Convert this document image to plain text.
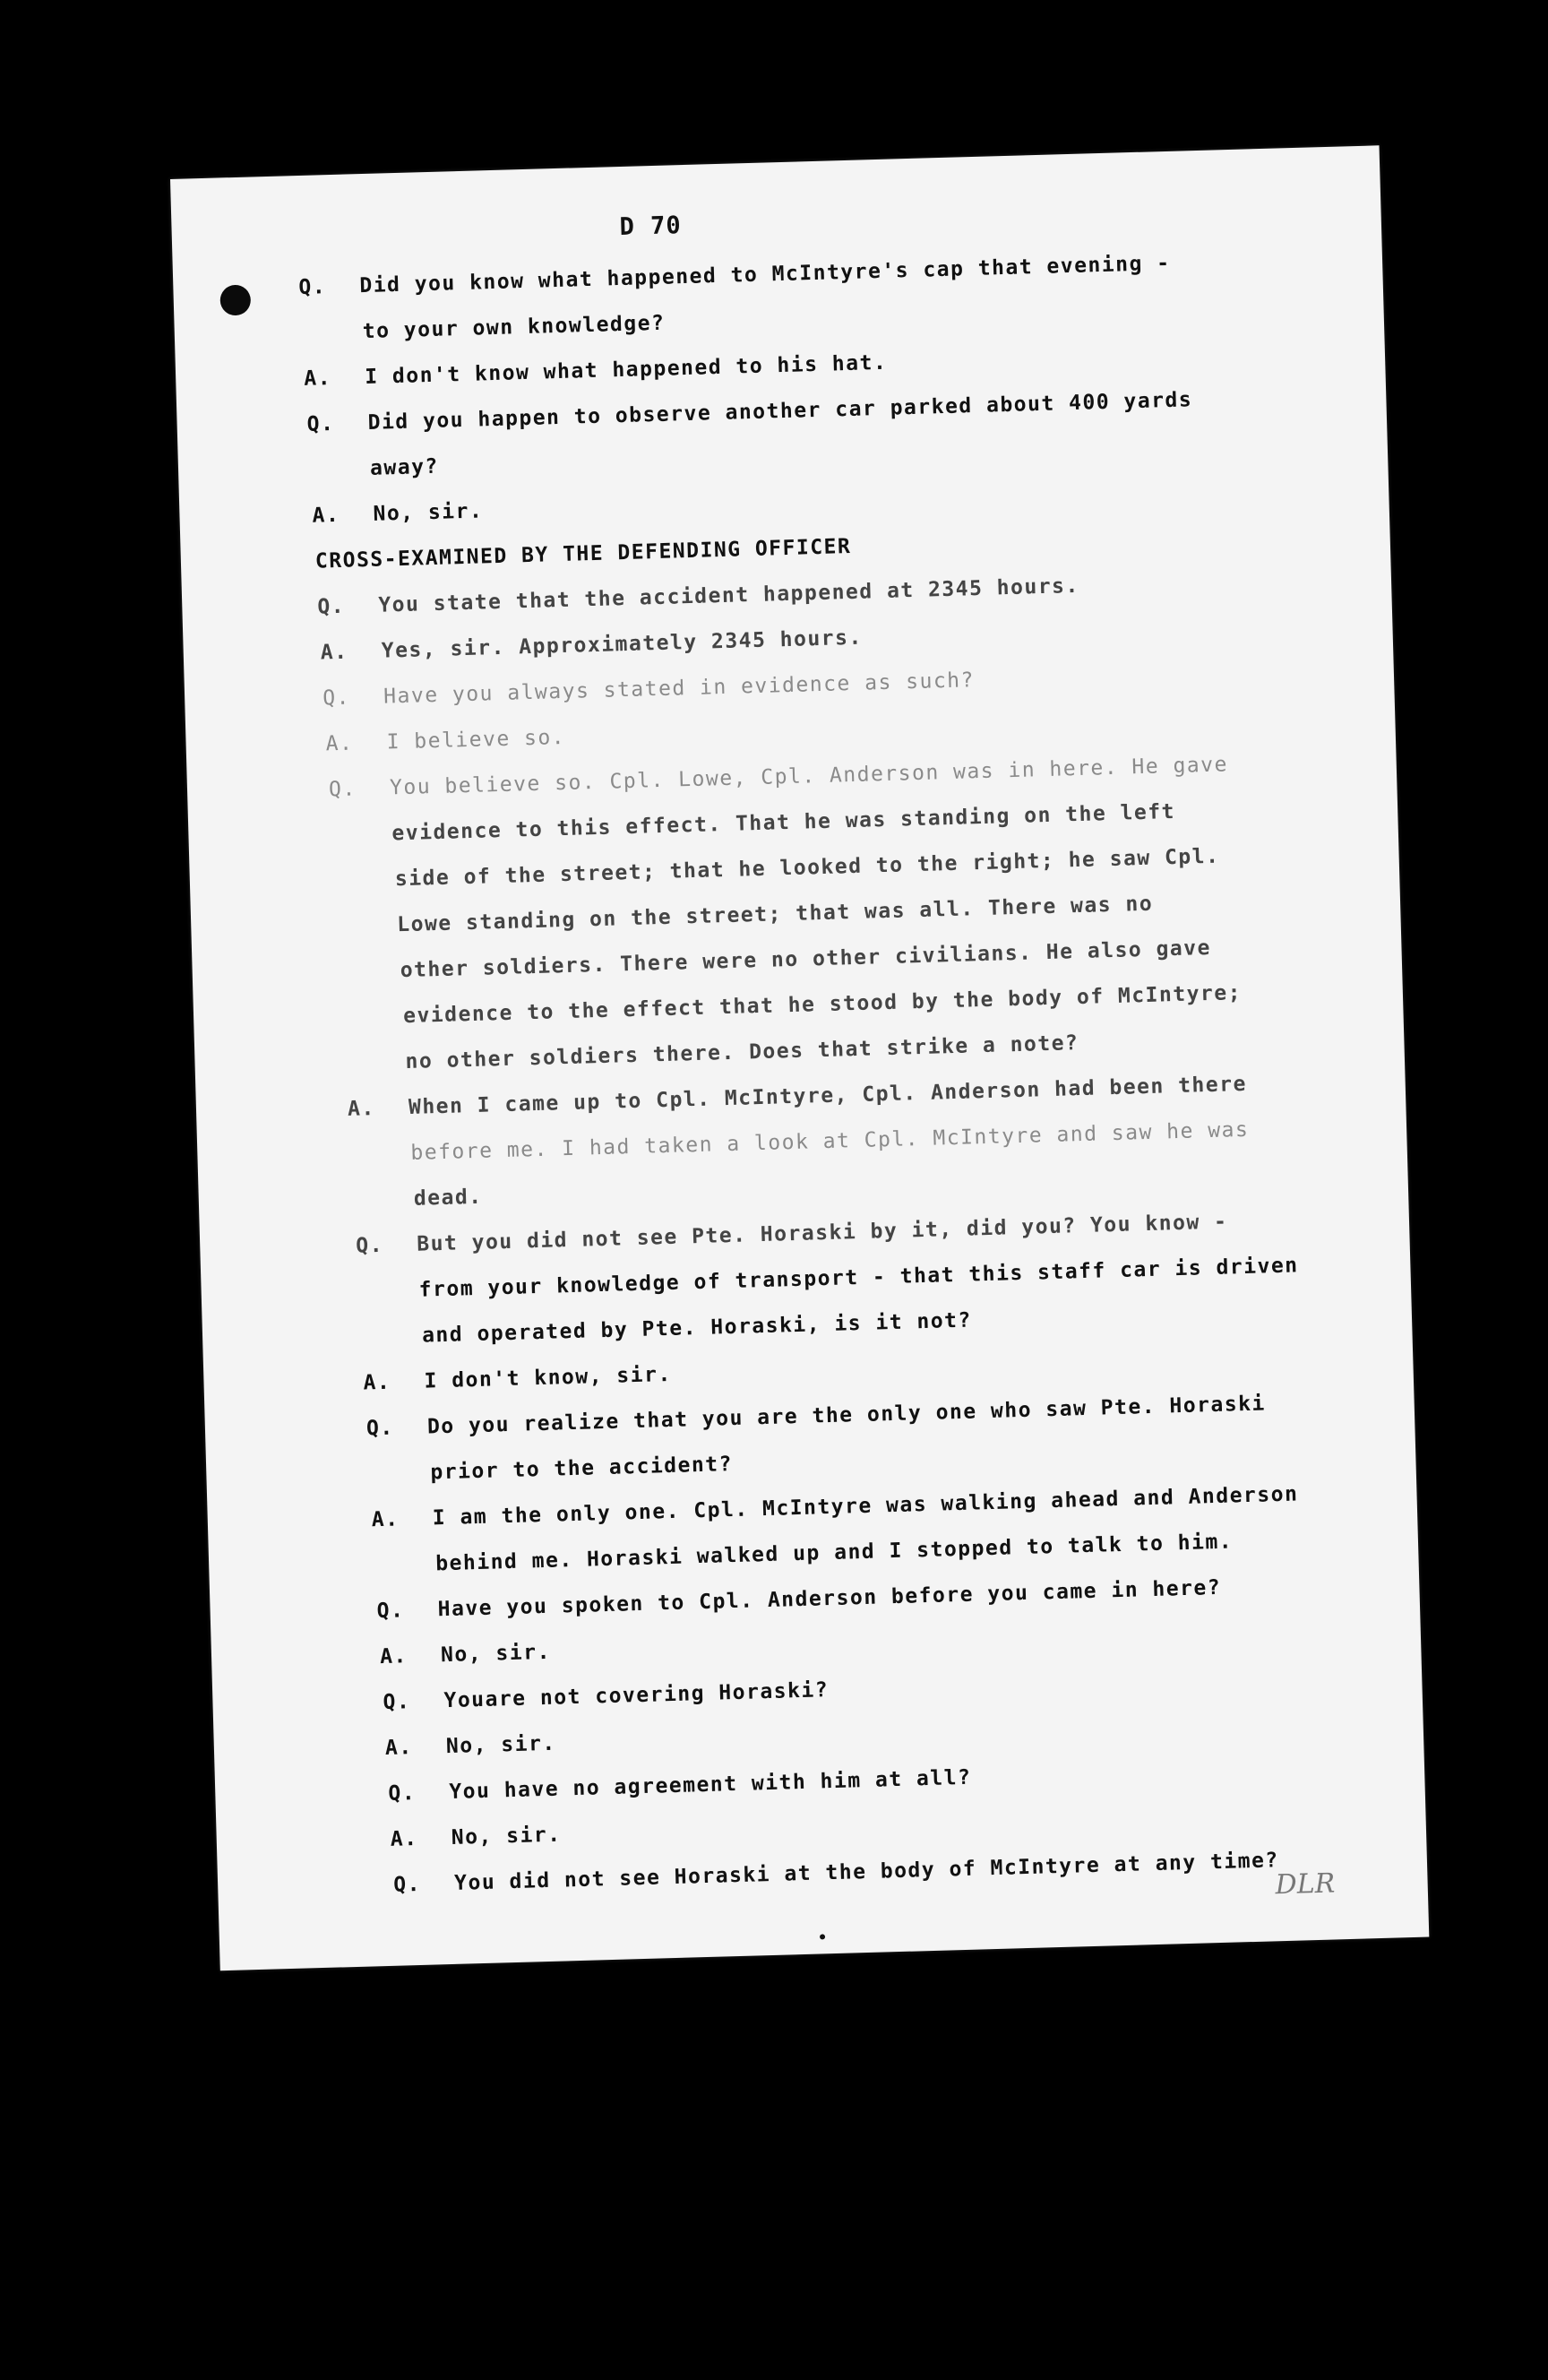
D 70
Q. Did you know what happened to McIntyre's cap that evening -
to your own knowledge?
A. I don't know what happened to his hat.
Q. Did you happen to observe another car parked about 400 yards
away?
A. No, sir.
CROSS-EXAMINED BY THE DEFENDING OFFICER
Q. You state that the accident happened at 2345 hours.
A. Yes, sir. Approximately 2345 hours.
Q. Have you always stated in evidence as such?
A. I believe so.
Q. You believe so. Cpl. Lowe, Cpl. Anderson was in here. He gave
evidence to this effect. That he was standing on the left
side of the street; that he looked to the right; he saw Cpl.
Lowe standing on the street; that was all. There was no
other soldiers. There were no other civilians. He also gave
evidence to the effect that he stood by the body of McIntyre;
no other soldiers there. Does that strike a note?
A. When I came up to Cpl. McIntyre, Cpl. Anderson had been there
before me. I had taken a look at Cpl. McIntyre and saw he was
dead.
Q. But you did not see Pte. Horaski by it, did you? You know -
from your knowledge of transport - that this staff car is driven
and operated by Pte. Horaski, is it not?
A. I don't know, sir.
Q. Do you realize that you are the only one who saw Pte. Horaski
prior to the accident?
A. I am the only one. Cpl. McIntyre was walking ahead and Anderson
behind me. Horaski walked up and I stopped to talk to him.
Q. Have you spoken to Cpl. Anderson before you came in here?
A. No, sir.
Q. Youare not covering Horaski?
A. No, sir.
Q. You have no agreement with him at all?
A. No, sir.
Q. You did not see Horaski at the body of McIntyre at any time?
DLR
